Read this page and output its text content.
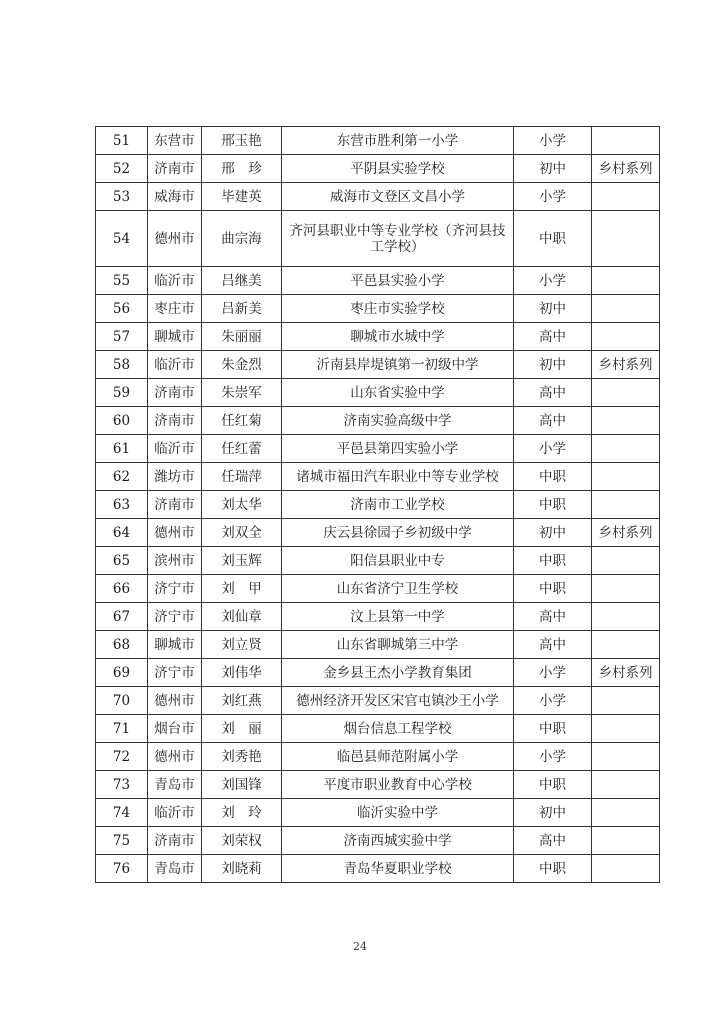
51	东营市	邢玉艳	东营市胜利第一小学	小学	
52	济南市	邢　珍	平阴县实验学校	初中	乡村系列
53	威海市	毕建英	威海市文登区文昌小学	小学	
54	德州市	曲宗海	齐河县职业中等专业学校（齐河县技工学校）	中职	
55	临沂市	吕继美	平邑县实验小学	小学	
56	枣庄市	吕新美	枣庄市实验学校	初中	
57	聊城市	朱丽丽	聊城市水城中学	高中	
58	临沂市	朱金烈	沂南县岸堤镇第一初级中学	初中	乡村系列
59	济南市	朱崇军	山东省实验中学	高中	
60	济南市	任红菊	济南实验高级中学	高中	
61	临沂市	任红蕾	平邑县第四实验小学	小学	
62	潍坊市	任瑞萍	诸城市福田汽车职业中等专业学校	中职	
63	济南市	刘太华	济南市工业学校	中职	
64	德州市	刘双全	庆云县徐园子乡初级中学	初中	乡村系列
65	滨州市	刘玉辉	阳信县职业中专	中职	
66	济宁市	刘　甲	山东省济宁卫生学校	中职	
67	济宁市	刘仙章	汶上县第一中学	高中	
68	聊城市	刘立贤	山东省聊城第三中学	高中	
69	济宁市	刘伟华	金乡县王杰小学教育集团	小学	乡村系列
70	德州市	刘红燕	德州经济开发区宋官屯镇沙王小学	小学	
71	烟台市	刘　丽	烟台信息工程学校	中职	
72	德州市	刘秀艳	临邑县师范附属小学	小学	
73	青岛市	刘国锋	平度市职业教育中心学校	中职	
74	临沂市	刘　玲	临沂实验中学	初中	
75	济南市	刘荣权	济南西城实验中学	高中	
76	青岛市	刘晓莉	青岛华夏职业学校	中职	
24
